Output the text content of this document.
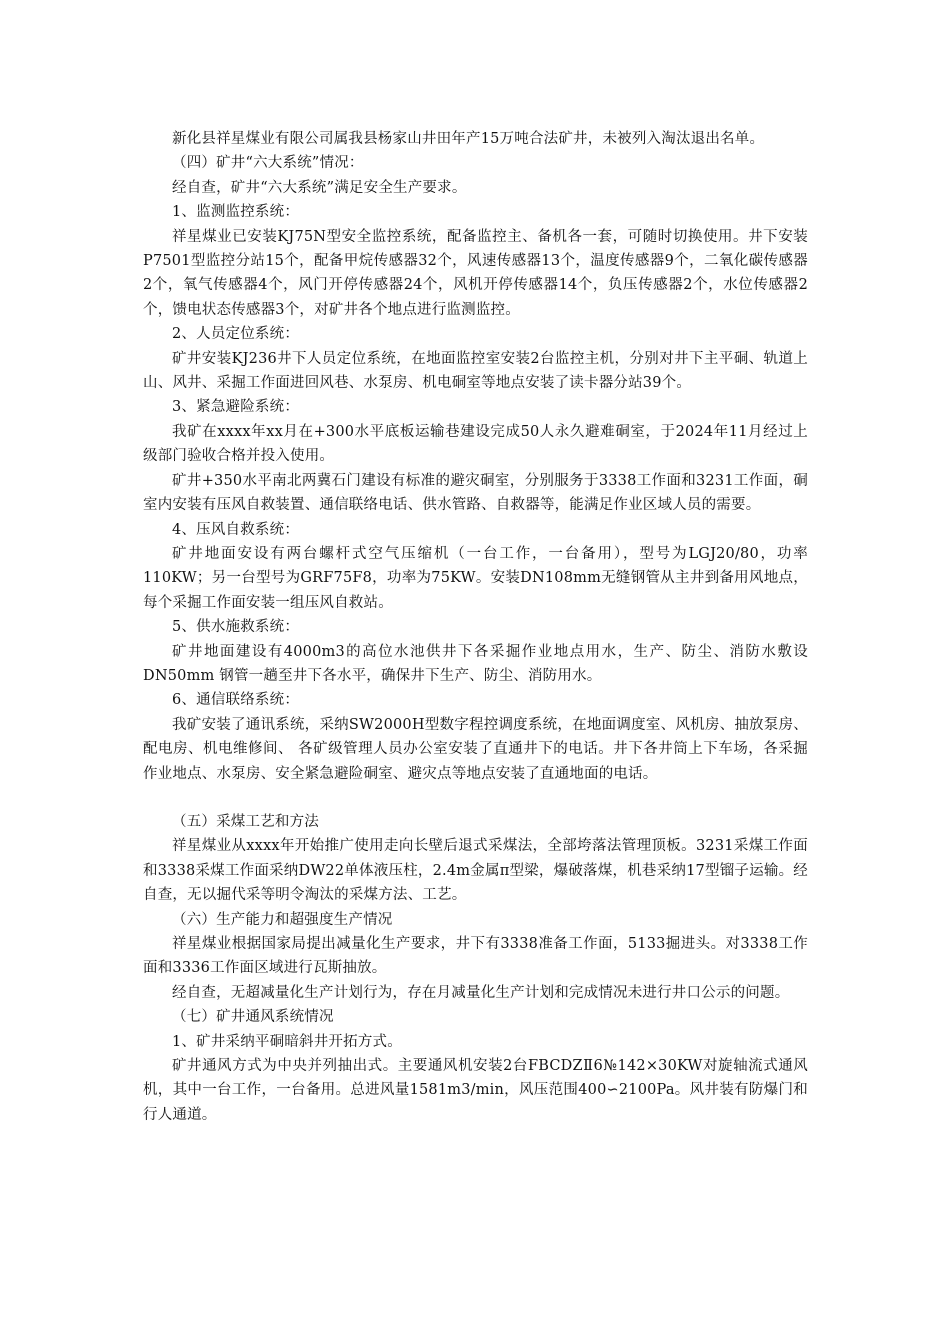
新化县祥星煤业有限公司属我县杨家山井田年产15万吨合法矿井，未被列入淘汰退出名单。

（四）矿井“六大系统”情况：

经自查，矿井“六大系统”满足安全生产要求。

1、监测监控系统：

祥星煤业已安装KJ75N型安全监控系统，配备监控主、备机各一套，可随时切换使用。井下安装P7501型监控分站15个，配备甲烷传感器32个，风速传感器13个，温度传感器9个，二氧化碳传感器2个，氧气传感器4个，风门开停传感器24个，风机开停传感器14个，负压传感器2个，水位传感器2个，馈电状态传感器3个，对矿井各个地点进行监测监控。

2、人员定位系统：

矿井安装KJ236井下人员定位系统，在地面监控室安装2台监控主机，分别对井下主平硐、轨道上山、风井、采掘工作面进回风巷、水泵房、机电硐室等地点安装了读卡器分站39个。

3、紧急避险系统：

我矿在xxxx年xx月在+300水平底板运输巷建设完成50人永久避难硐室，于2024年11月经过上级部门验收合格并投入使用。

矿井+350水平南北两冀石门建设有标准的避灾硐室，分别服务于3338工作面和3231工作面，硐室内安装有压风自救装置、通信联络电话、供水管路、自救器等，能满足作业区域人员的需要。

4、压风自救系统：

矿井地面安设有两台螺杆式空气压缩机（一台工作，一台备用），型号为LGJ20/80，功率110KW；另一台型号为GRF75F8，功率为75KW。安装DN108mm无缝钢管从主井到备用风地点，每个采掘工作面安装一组压风自救站。

5、供水施救系统：

矿井地面建设有4000m3的高位水池供井下各采掘作业地点用水，生产、防尘、消防水敷设DN50mm 钢管一趟至井下各水平，确保井下生产、防尘、消防用水。

6、通信联络系统：

我矿安装了通讯系统，采纳SW2000H型数字程控调度系统，在地面调度室、风机房、抽放泵房、配电房、机电维修间、 各矿级管理人员办公室安装了直通井下的电话。井下各井筒上下车场，各采掘作业地点、水泵房、安全紧急避险硐室、避灾点等地点安装了直通地面的电话。

（五）采煤工艺和方法

祥星煤业从xxxx年开始推广使用走向长壁后退式采煤法，全部垮落法管理顶板。3231采煤工作面和3338采煤工作面采纳DW22单体液压柱，2.4m金属π型梁，爆破落煤，机巷采纳17型镏子运输。经自查，无以掘代采等明令淘汰的采煤方法、工艺。

（六）生产能力和超强度生产情况

祥星煤业根据国家局提出减量化生产要求，井下有3338准备工作面，5133掘进头。对3338工作面和3336工作面区域进行瓦斯抽放。

经自查，无超减量化生产计划行为，存在月减量化生产计划和完成情况未进行井口公示的问题。

（七）矿井通风系统情况

1、矿井采纳平硐暗斜井开拓方式。

矿井通风方式为中央并列抽出式。主要通风机安装2台FBCDZⅡ6№142×30KW对旋轴流式通风机，其中一台工作，一台备用。总进风量1581m3/min，风压范围400∽2100Pa。风井装有防爆门和行人通道。
